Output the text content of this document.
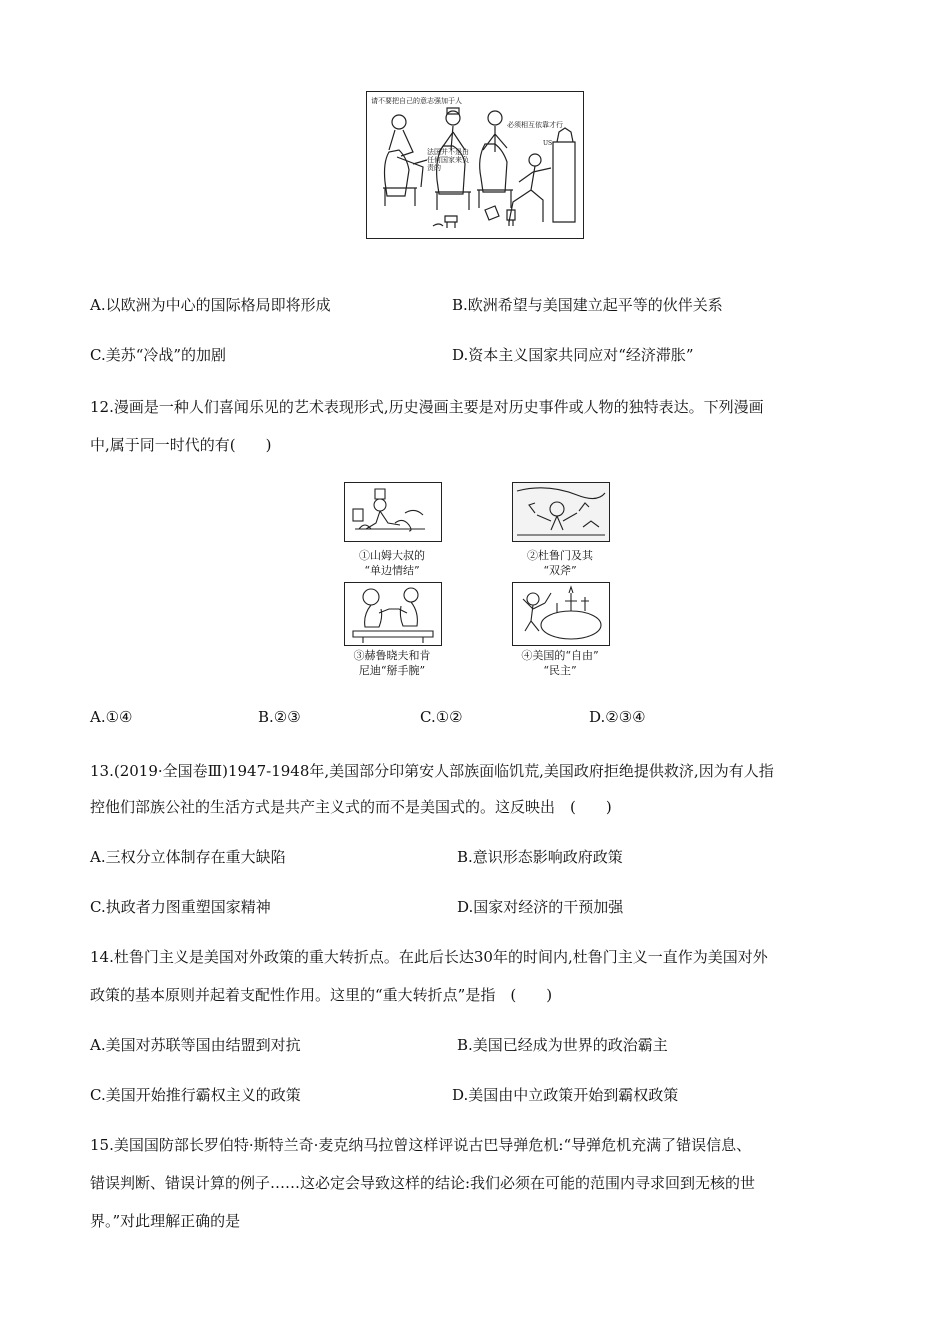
请不要把自己的意志强加于人
必须相互依靠才行
法国并不是由任何国家来负责的
US
A.以欧洲为中心的国际格局即将形成	B.欧洲希望与美国建立起平等的伙伴关系
C.美苏“冷战”的加剧	D.资本主义国家共同应对“经济滞胀”
12.漫画是一种人们喜闻乐见的艺术表现形式,历史漫画主要是对历史事件或人物的独特表达。下列漫画
中,属于同一时代的有(　　)
①山姆大叔的
“单边情结”
②杜鲁门及其
“双斧”
③赫鲁晓夫和肯
尼迪“掰手腕”
④美国的“自由”
“民主”
A.①④	B.②③	C.①②	D.②③④
13.(2019·全国卷Ⅲ)1947-1948年,美国部分印第安人部族面临饥荒,美国政府拒绝提供救济,因为有人指
控他们部族公社的生活方式是共产主义式的而不是美国式的。这反映出　(　　)
A.三权分立体制存在重大缺陷	B.意识形态影响政府政策
C.执政者力图重塑国家精神	D.国家对经济的干预加强
14.杜鲁门主义是美国对外政策的重大转折点。在此后长达30年的时间内,杜鲁门主义一直作为美国对外
政策的基本原则并起着支配性作用。这里的“重大转折点”是指　(　　)
A.美国对苏联等国由结盟到对抗	B.美国已经成为世界的政治霸主
C.美国开始推行霸权主义的政策	D.美国由中立政策开始到霸权政策
15.美国国防部长罗伯特·斯特兰奇·麦克纳马拉曾这样评说古巴导弹危机:“导弹危机充满了错误信息、
错误判断、错误计算的例子……这必定会导致这样的结论:我们必须在可能的范围内寻求回到无核的世
界。”对此理解正确的是
